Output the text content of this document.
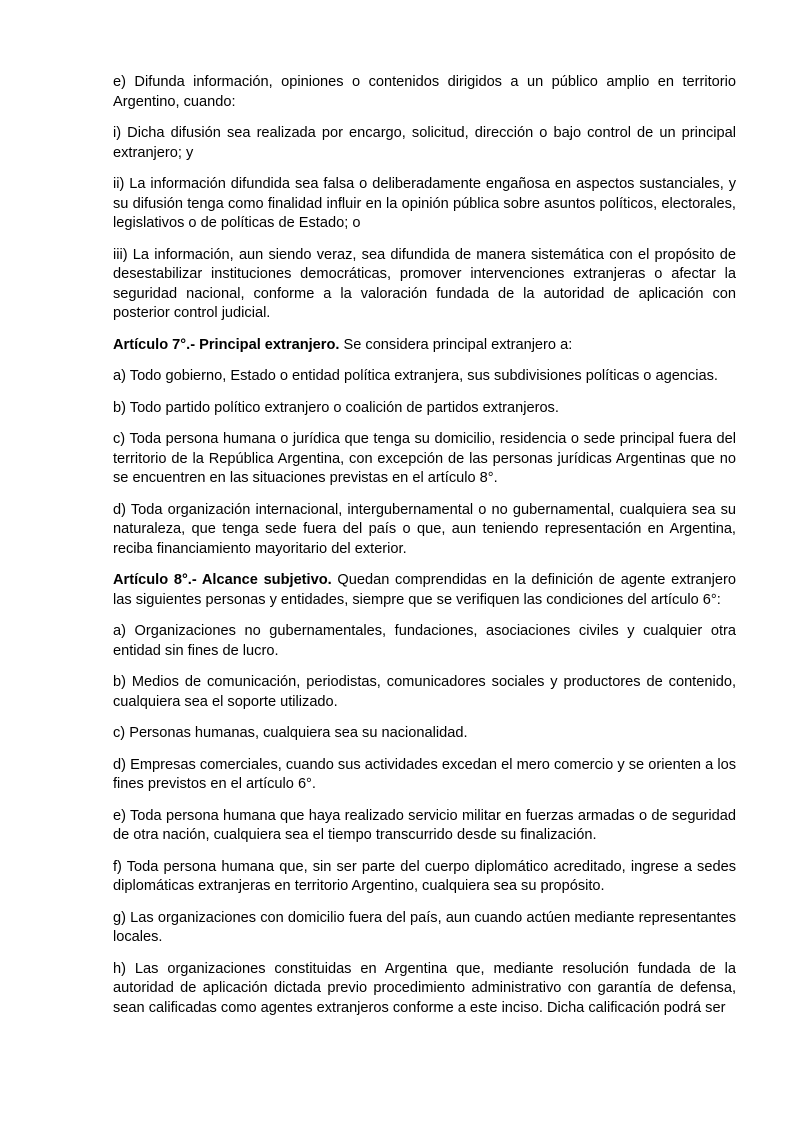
e) Difunda información, opiniones o contenidos dirigidos a un público amplio en territorio Argentino, cuando:

i) Dicha difusión sea realizada por encargo, solicitud, dirección o bajo control de un principal extranjero; y

ii) La información difundida sea falsa o deliberadamente engañosa en aspectos sustanciales, y su difusión tenga como finalidad influir en la opinión pública sobre asuntos políticos, electorales, legislativos o de políticas de Estado; o

iii) La información, aun siendo veraz, sea difundida de manera sistemática con el propósito de desestabilizar instituciones democráticas, promover intervenciones extranjeras o afectar la seguridad nacional, conforme a la valoración fundada de la autoridad de aplicación con posterior control judicial.

Artículo 7°.- Principal extranjero. Se considera principal extranjero a:

a) Todo gobierno, Estado o entidad política extranjera, sus subdivisiones políticas o agencias.

b) Todo partido político extranjero o coalición de partidos extranjeros.

c) Toda persona humana o jurídica que tenga su domicilio, residencia o sede principal fuera del territorio de la República Argentina, con excepción de las personas jurídicas Argentinas que no se encuentren en las situaciones previstas en el artículo 8°.

d) Toda organización internacional, intergubernamental o no gubernamental, cualquiera sea su naturaleza, que tenga sede fuera del país o que, aun teniendo representación en Argentina, reciba financiamiento mayoritario del exterior.

Artículo 8°.- Alcance subjetivo. Quedan comprendidas en la definición de agente extranjero las siguientes personas y entidades, siempre que se verifiquen las condiciones del artículo 6°:

a) Organizaciones no gubernamentales, fundaciones, asociaciones civiles y cualquier otra entidad sin fines de lucro.

b) Medios de comunicación, periodistas, comunicadores sociales y productores de contenido, cualquiera sea el soporte utilizado.

c) Personas humanas, cualquiera sea su nacionalidad.

d) Empresas comerciales, cuando sus actividades excedan el mero comercio y se orienten a los fines previstos en el artículo 6°.

e) Toda persona humana que haya realizado servicio militar en fuerzas armadas o de seguridad de otra nación, cualquiera sea el tiempo transcurrido desde su finalización.

f) Toda persona humana que, sin ser parte del cuerpo diplomático acreditado, ingrese a sedes diplomáticas extranjeras en territorio Argentino, cualquiera sea su propósito.

g) Las organizaciones con domicilio fuera del país, aun cuando actúen mediante representantes locales.

h) Las organizaciones constituidas en Argentina que, mediante resolución fundada de la autoridad de aplicación dictada previo procedimiento administrativo con garantía de defensa, sean calificadas como agentes extranjeros conforme a este inciso. Dicha calificación podrá ser
